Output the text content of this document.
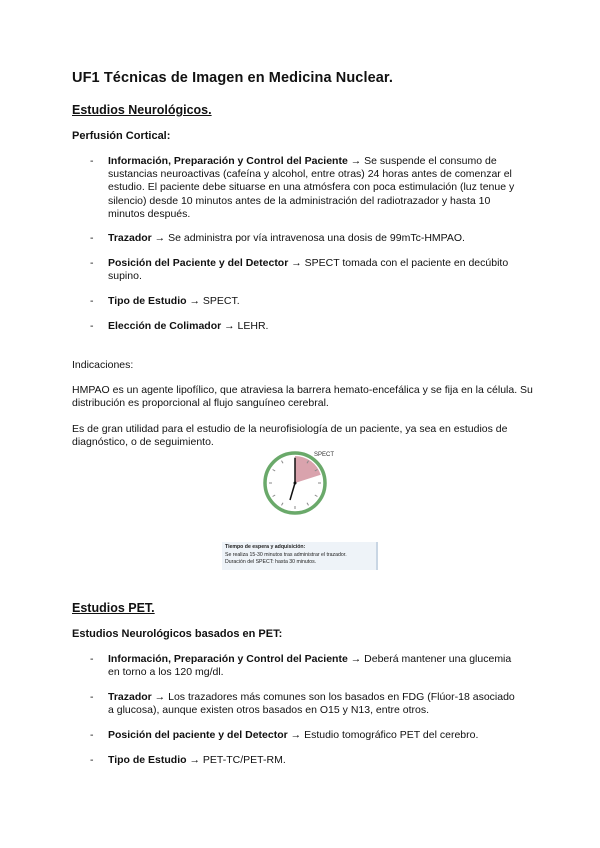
UF1 Técnicas de Imagen en Medicina Nuclear.
Estudios Neurológicos.
Perfusión Cortical:
- Información, Preparación y Control del Paciente → Se suspende el consumo de sustancias neuroactivas (cafeína y alcohol, entre otras) 24 horas antes de comenzar el estudio. El paciente debe situarse en una atmósfera con poca estimulación (luz tenue y silencio) desde 10 minutos antes de la administración del radiotrazador y hasta 10 minutos después.
- Trazador → Se administra por vía intravenosa una dosis de 99mTc-HMPAO.
- Posición del Paciente y del Detector → SPECT tomada con el paciente en decúbito supino.
- Tipo de Estudio → SPECT.
- Elección de Colimador → LEHR.
Indicaciones:
HMPAO es un agente lipofílico, que atraviesa la barrera hemato-encefálica y se fija en la célula. Su distribución es proporcional al flujo sanguíneo cerebral.
Es de gran utilidad para el estudio de la neurofisiología de un paciente, ya sea en estudios de diagnóstico, o de seguimiento.
SPECT
Tiempo de espera y adquisición:
Se realiza 15-30 minutos tras administrar el trazador.
Duración del SPECT: hasta 30 minutos.
Estudios PET.
Estudios Neurológicos basados en PET:
- Información, Preparación y Control del Paciente → Deberá mantener una glucemia en torno a los 120 mg/dl.
- Trazador → Los trazadores más comunes son los basados en FDG (Flúor-18 asociado a glucosa), aunque existen otros basados en O15 y N13, entre otros.
- Posición del paciente y del Detector → Estudio tomográfico PET del cerebro.
- Tipo de Estudio → PET-TC/PET-RM.
